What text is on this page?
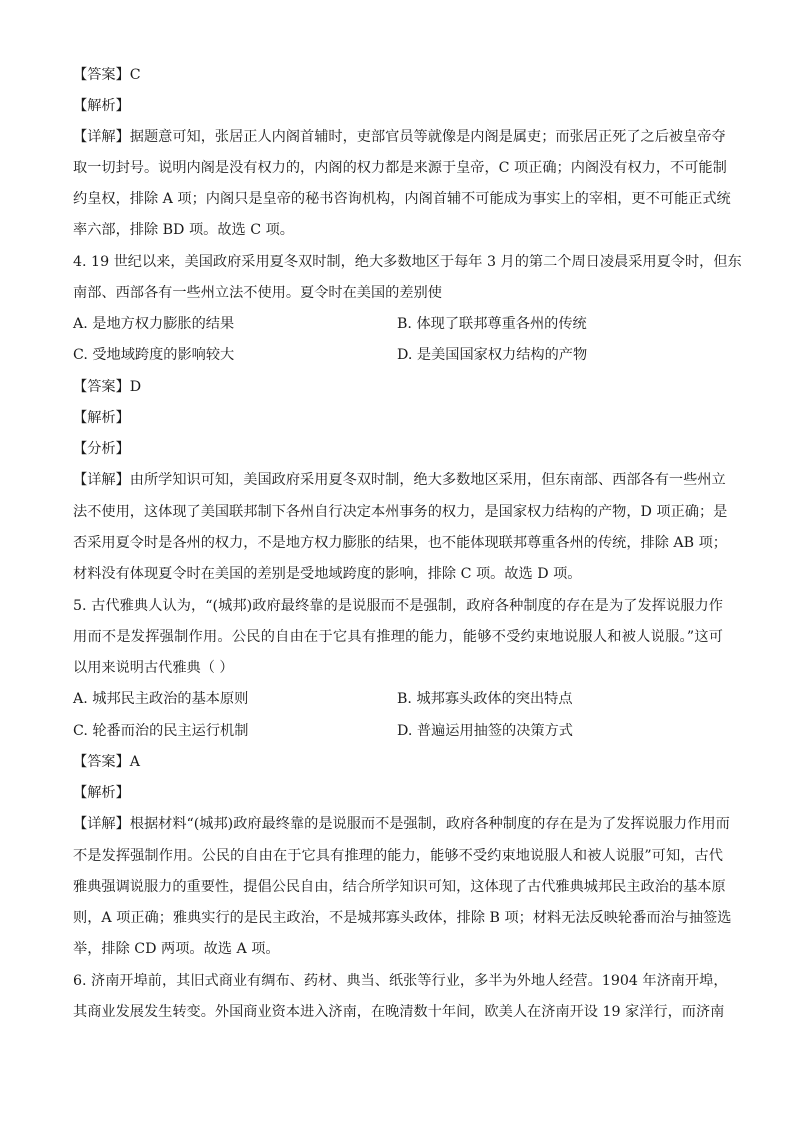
【答案】C
【解析】
【详解】据题意可知，张居正人内阁首辅时，吏部官员等就像是内阁是属吏；而张居正死了之后被皇帝夺
取一切封号。说明内阁是没有权力的，内阁的权力都是来源于皇帝，C 项正确；内阁没有权力，不可能制
约皇权，排除 A 项；内阁只是皇帝的秘书咨询机构，内阁首辅不可能成为事实上的宰相，更不可能正式统
率六部，排除 BD 项。故选 C 项。
4. 19 世纪以来，美国政府采用夏冬双时制，绝大多数地区于每年 3 月的第二个周日凌晨采用夏令时，但东
南部、西部各有一些州立法不使用。夏令时在美国的差别使
A. 是地方权力膨胀的结果	B. 体现了联邦尊重各州的传统
C. 受地域跨度的影响较大	D. 是美国国家权力结构的产物
【答案】D
【解析】
【分析】
【详解】由所学知识可知，美国政府采用夏冬双时制，绝大多数地区采用，但东南部、西部各有一些州立
法不使用，这体现了美国联邦制下各州自行决定本州事务的权力，是国家权力结构的产物，D 项正确；是
否采用夏令时是各州的权力，不是地方权力膨胀的结果，也不能体现联邦尊重各州的传统，排除 AB 项；
材料没有体现夏令时在美国的差别是受地域跨度的影响，排除 C 项。故选 D 项。
5. 古代雅典人认为，“(城邦)政府最终靠的是说服而不是强制，政府各种制度的存在是为了发挥说服力作
用而不是发挥强制作用。公民的自由在于它具有推理的能力，能够不受约束地说服人和被人说服。”这可
以用来说明古代雅典（ ）
A. 城邦民主政治的基本原则	B. 城邦寡头政体的突出特点
C. 轮番而治的民主运行机制	D. 普遍运用抽签的决策方式
【答案】A
【解析】
【详解】根据材料“(城邦)政府最终靠的是说服而不是强制，政府各种制度的存在是为了发挥说服力作用而
不是发挥强制作用。公民的自由在于它具有推理的能力，能够不受约束地说服人和被人说服”可知，古代
雅典强调说服力的重要性，提倡公民自由，结合所学知识可知，这体现了古代雅典城邦民主政治的基本原
则，A 项正确；雅典实行的是民主政治，不是城邦寡头政体，排除 B 项；材料无法反映轮番而治与抽签选
举，排除 CD 两项。故选 A 项。
6. 济南开埠前，其旧式商业有绸布、药材、典当、纸张等行业，多半为外地人经营。1904 年济南开埠，
其商业发展发生转变。外国商业资本进入济南，在晚清数十年间，欧美人在济南开设 19 家洋行，而济南
